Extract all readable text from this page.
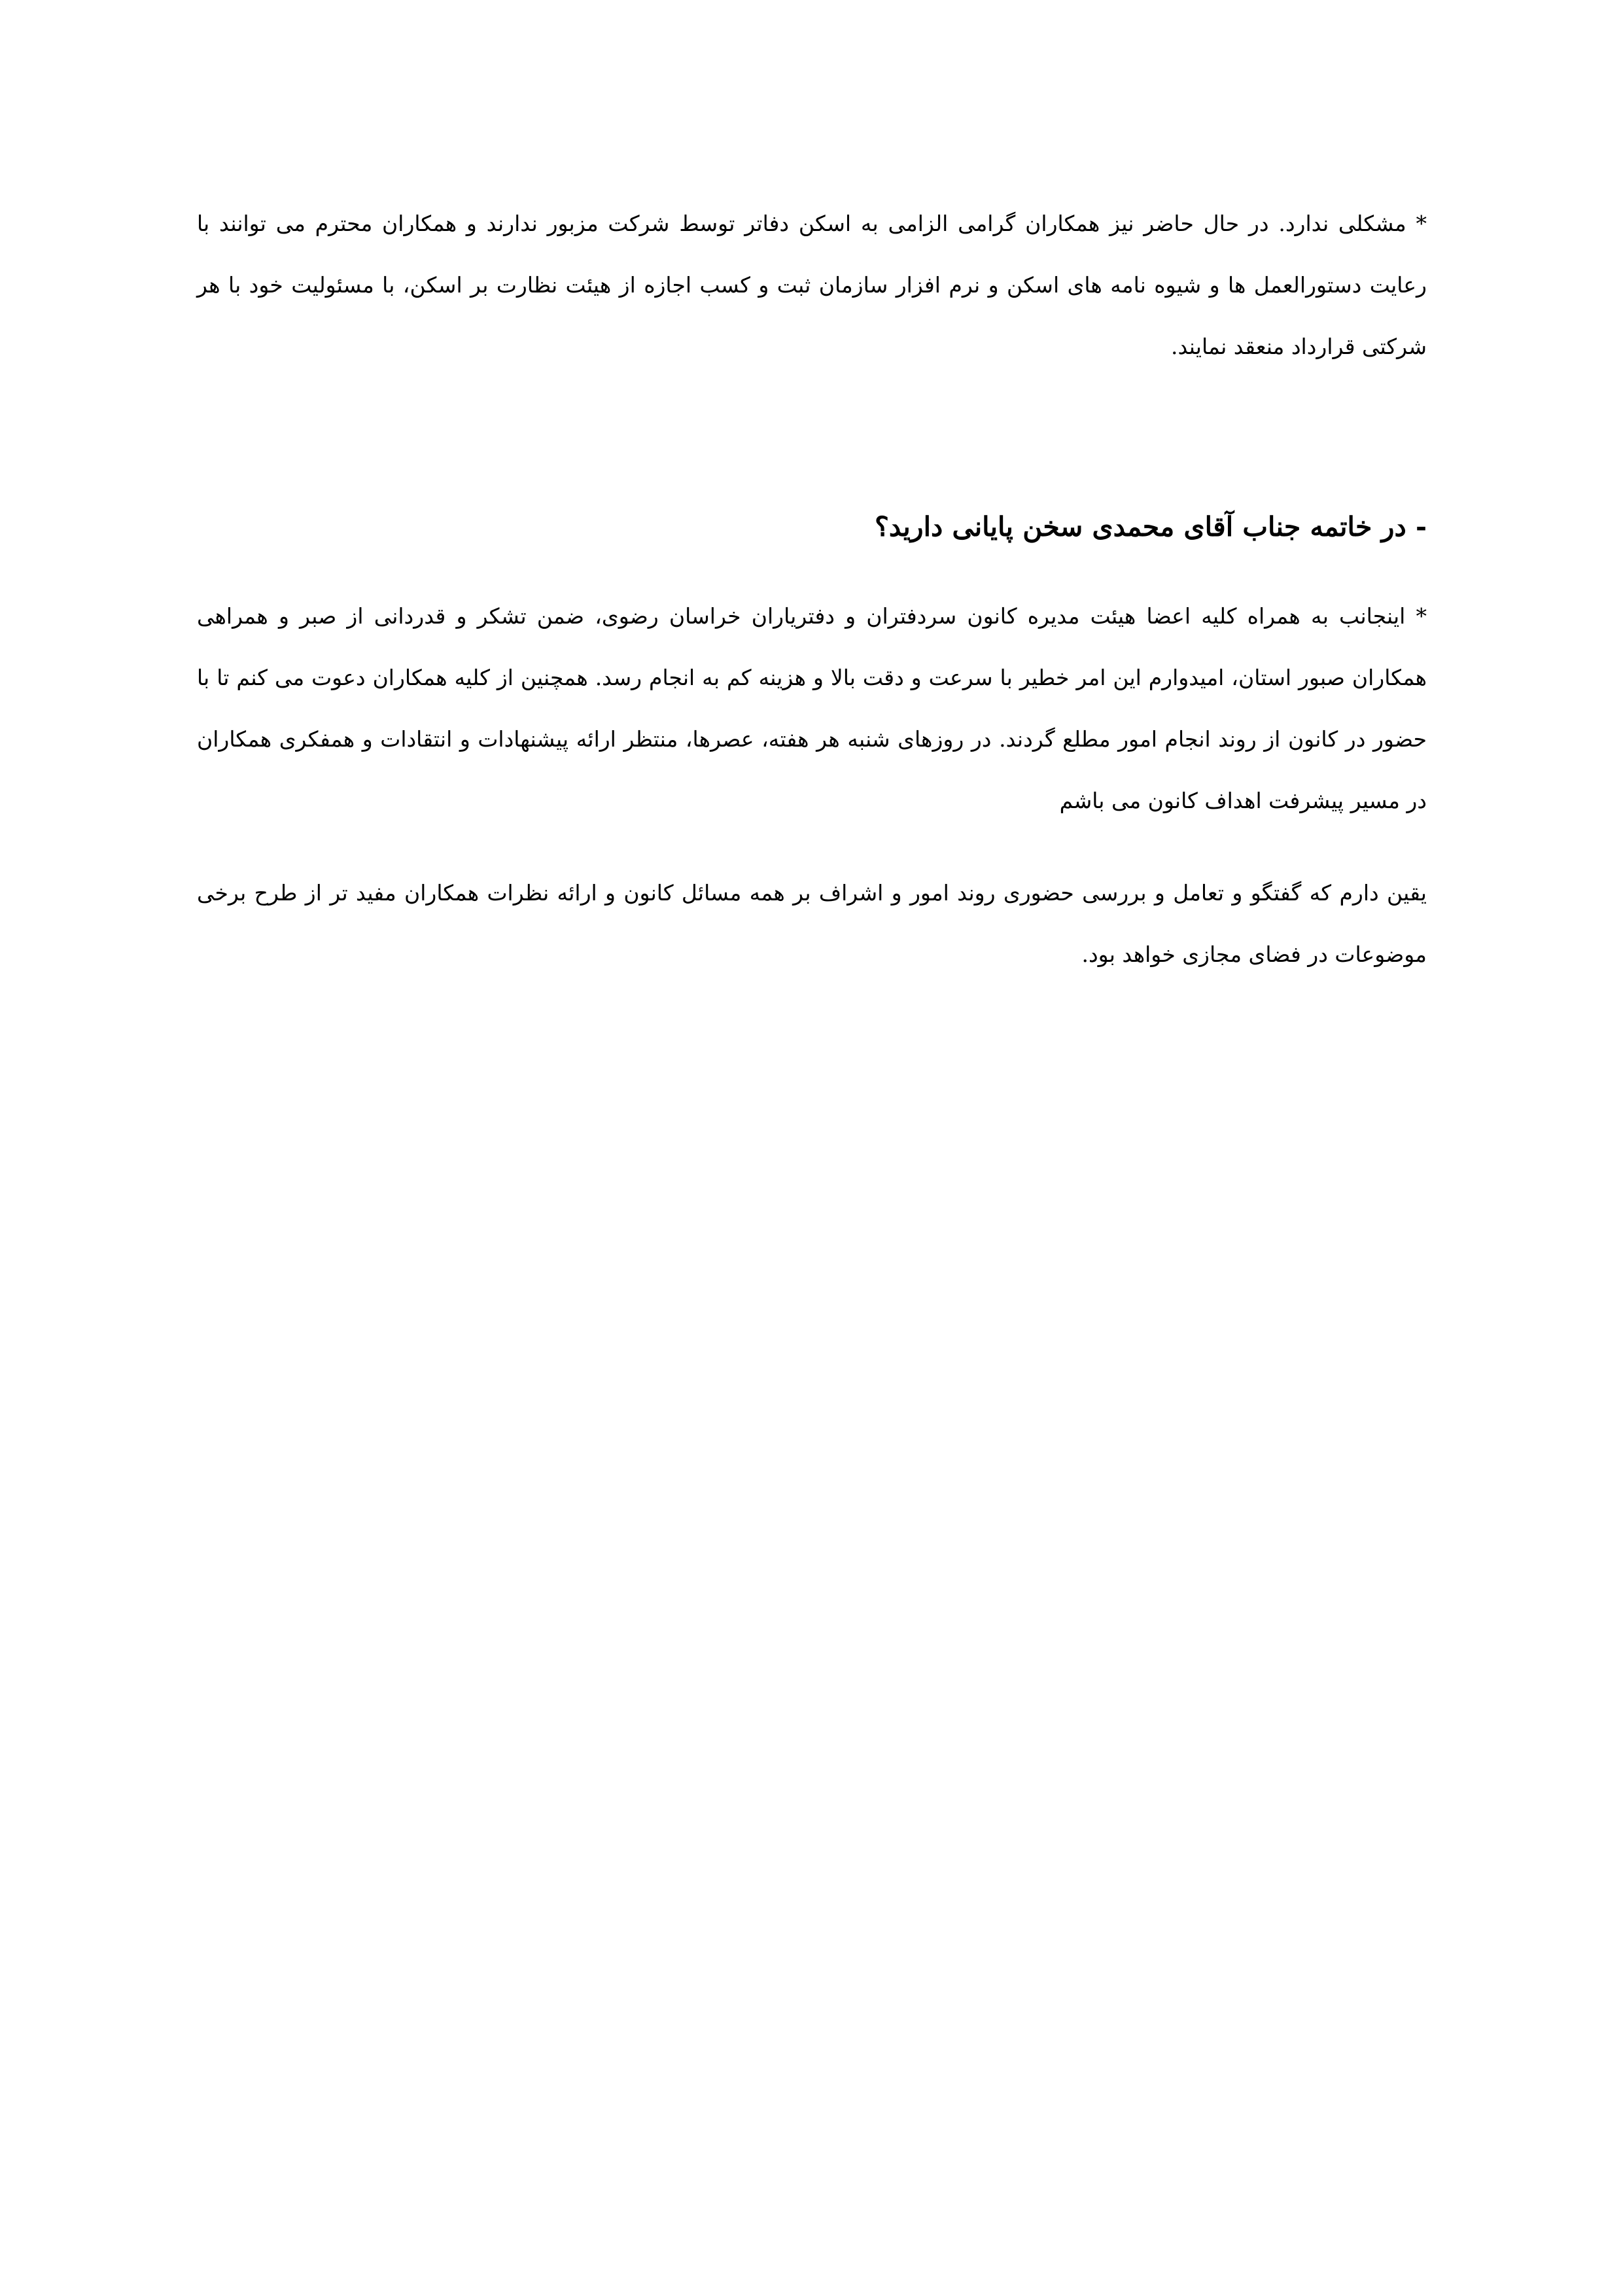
* مشکلی ندارد. در حال حاضر نیز همکاران گرامی الزامی به اسکن دفاتر توسط شرکت مزبور ندارند و همکاران محترم می توانند با رعایت دستورالعمل ها و شیوه نامه های اسکن و نرم افزار سازمان ثبت و کسب اجازه از هیئت نظارت بر اسکن، با مسئولیت خود با هر شرکتی قرارداد منعقد نمایند.

- در خاتمه جناب آقای محمدی سخن پایانی دارید؟

* اینجانب به همراه کلیه اعضا هیئت مدیره کانون سردفتران و دفتریاران خراسان رضوی، ضمن تشکر و قدردانی از صبر و همراهی همکاران صبور استان، امیدوارم این امر خطیر با سرعت و دقت بالا و هزینه کم به انجام رسد. همچنین از کلیه همکاران دعوت می کنم تا با حضور در کانون از روند انجام امور مطلع گردند. در روزهای شنبه هر هفته، عصرها، منتظر ارائه پیشنهادات و انتقادات و همفکری همکاران در مسیر پیشرفت اهداف کانون می باشم

یقین دارم که گفتگو و تعامل و بررسی حضوری روند امور و اشراف بر همه مسائل کانون و ارائه نظرات همکاران مفید تر از طرح برخی موضوعات در فضای مجازی خواهد بود.
